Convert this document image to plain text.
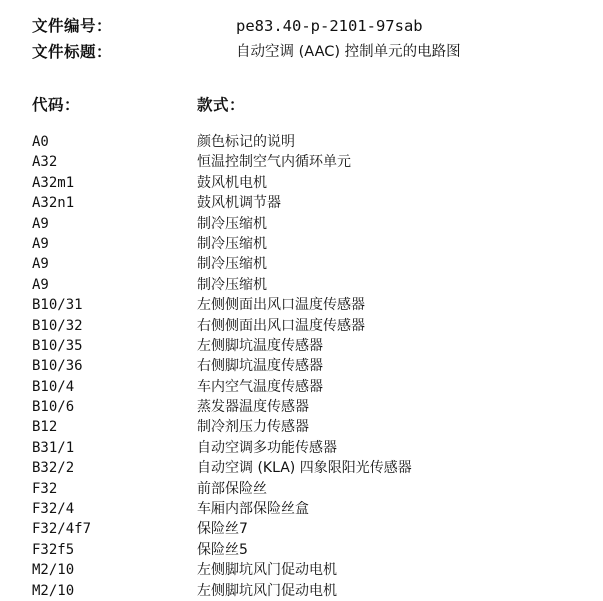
文件编号：	pe83.40-p-2101-97sab
文件标题：	自动空调 (AAC) 控制单元的电路图
代码：	款式：
A0	颜色标记的说明
A32	恒温控制空气内循环单元
A32m1	鼓风机电机
A32n1	鼓风机调节器
A9	制冷压缩机
A9	制冷压缩机
A9	制冷压缩机
A9	制冷压缩机
B10/31	左侧侧面出风口温度传感器
B10/32	右侧侧面出风口温度传感器
B10/35	左侧脚坑温度传感器
B10/36	右侧脚坑温度传感器
B10/4	车内空气温度传感器
B10/6	蒸发器温度传感器
B12	制冷剂压力传感器
B31/1	自动空调多功能传感器
B32/2	自动空调 (KLA) 四象限阳光传感器
F32	前部保险丝
F32/4	车厢内部保险丝盒
F32/4f7	保险丝7
F32f5	保险丝5
M2/10	左侧脚坑风门促动电机
M2/10	左侧脚坑风门促动电机
